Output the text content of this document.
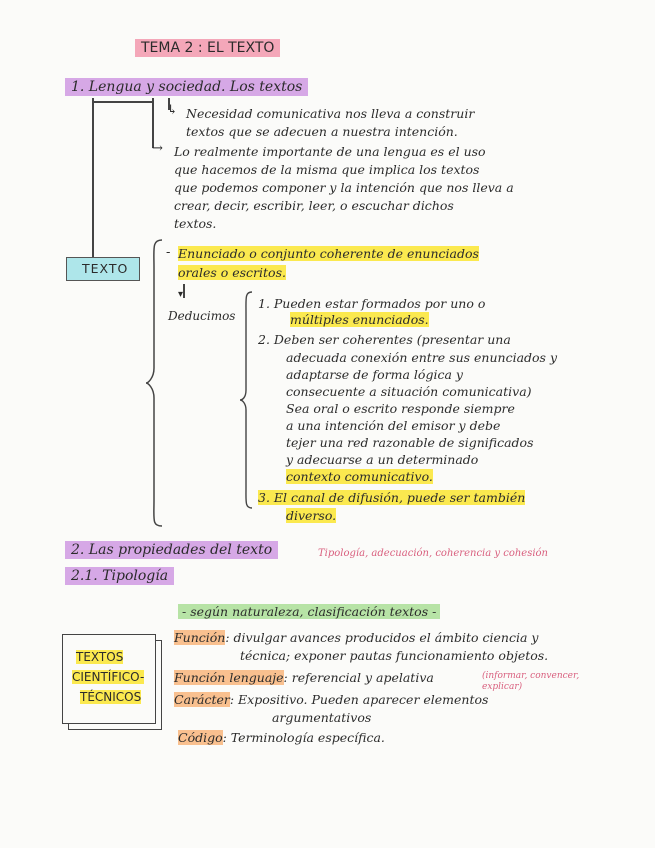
TEMA 2 : EL TEXTO
1. Lengua y sociedad. Los textos
↳ Necesidad comunicativa nos lleva a construir
textos que se adecuen a nuestra intención.
→ Lo realmente importante de una lengua es el uso
que hacemos de la misma que implica los textos
que podemos componer y la intención que nos lleva a
crear, decir, escribir, leer, o escuchar dichos
textos.
TEXTO
- Enunciado o conjunto coherente de enunciados
orales o escritos.
▾
Deducimos
1. Pueden estar formados por uno o
múltiples enunciados.
2. Deben ser coherentes (presentar una
adecuada conexión entre sus enunciados y
adaptarse de forma lógica y
consecuente a situación comunicativa)
Sea oral o escrito responde siempre
a una intención del emisor y debe
tejer una red razonable de significados
y adecuarse a un determinado
contexto comunicativo.
3. El canal de difusión, puede ser también
diverso.
2. Las propiedades del texto	Tipología, adecuación, coherencia y cohesión
2.1. Tipología
- según naturaleza, clasificación textos -
TEXTOS
CIENTÍFICO-
TÉCNICOS
Función: divulgar avances producidos el ámbito ciencia y
técnica; exponer pautas funcionamiento objetos.
Función lenguaje: referencial y apelativa	(informar, convencer, explicar)
Carácter: Expositivo. Pueden aparecer elementos
argumentativos
Código: Terminología específica.
